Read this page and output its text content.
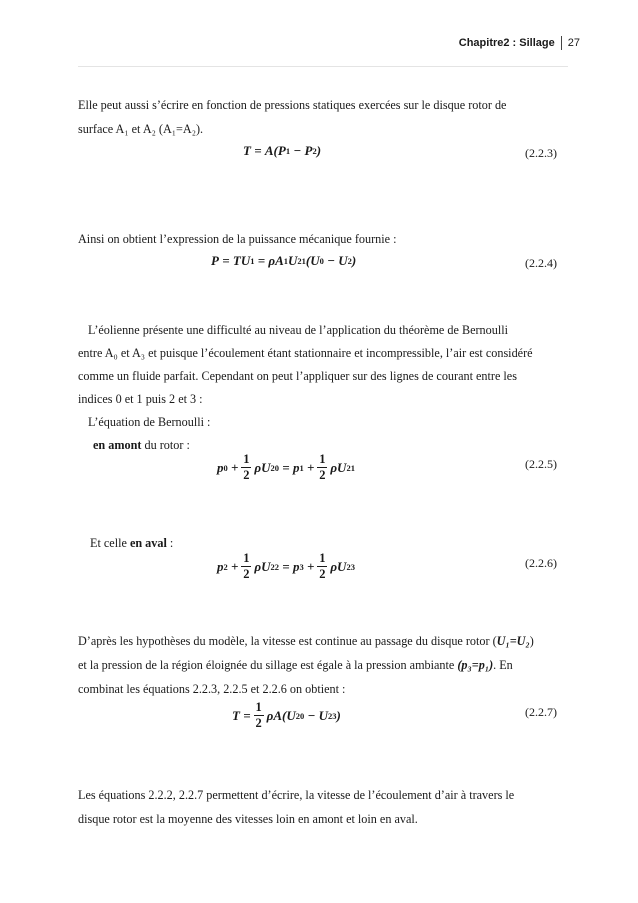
Chapitre2 : Sillage 27

Elle peut aussi s’écrire en fonction de pressions statiques exercées sur le disque rotor de

surface A₁ et A₂ (A₁=A₂).

T = A ( P 1 − P 2 )	(2.2.3)

Ainsi on obtient l’expression de la puissance mécanique fournie :

P = TU 1 = ρA 1 U 2 1 ( U 0 − U 2 )	(2.2.4)

L’éolienne présente une difficulté au niveau de l’application du théorème de Bernoulli

entre A₀ et A₃ et puisque l’écoulement étant stationnaire et incompressible, l’air est considéré

comme un fluide parfait. Cependant on peut l’appliquer sur des lignes de courant entre les

indices 0 et 1 puis 2 et 3 :

L’équation de Bernoulli :

en amont du rotor :

p $0 + \frac{1}{2}$ ρU 2 0 = p $1 + \frac{1}{2}$ ρU 2 1	(2.2.5)

Et celle en aval :

p $2 + \frac{1}{2}$ ρU 2 2 = p $3 + \frac{1}{2}$ ρU 2 3	(2.2.6)

D’après les hypothèses du modèle, la vitesse est continue au passage du disque rotor (U₁=U₂)

et la pression de la région éloignée du sillage est égale à la pression ambiante (p₃=p₁). En

combinat les équations 2.2.3, 2.2.5 et 2.2.6 on obtient :

$T = \frac{1}{2}$ ρA ( U 2 0 − U 2 3 )	(2.2.7)

Les équations 2.2.2, 2.2.7 permettent d’écrire, la vitesse de l’écoulement d’air à travers le

disque rotor est la moyenne des vitesses loin en amont et loin en aval.
